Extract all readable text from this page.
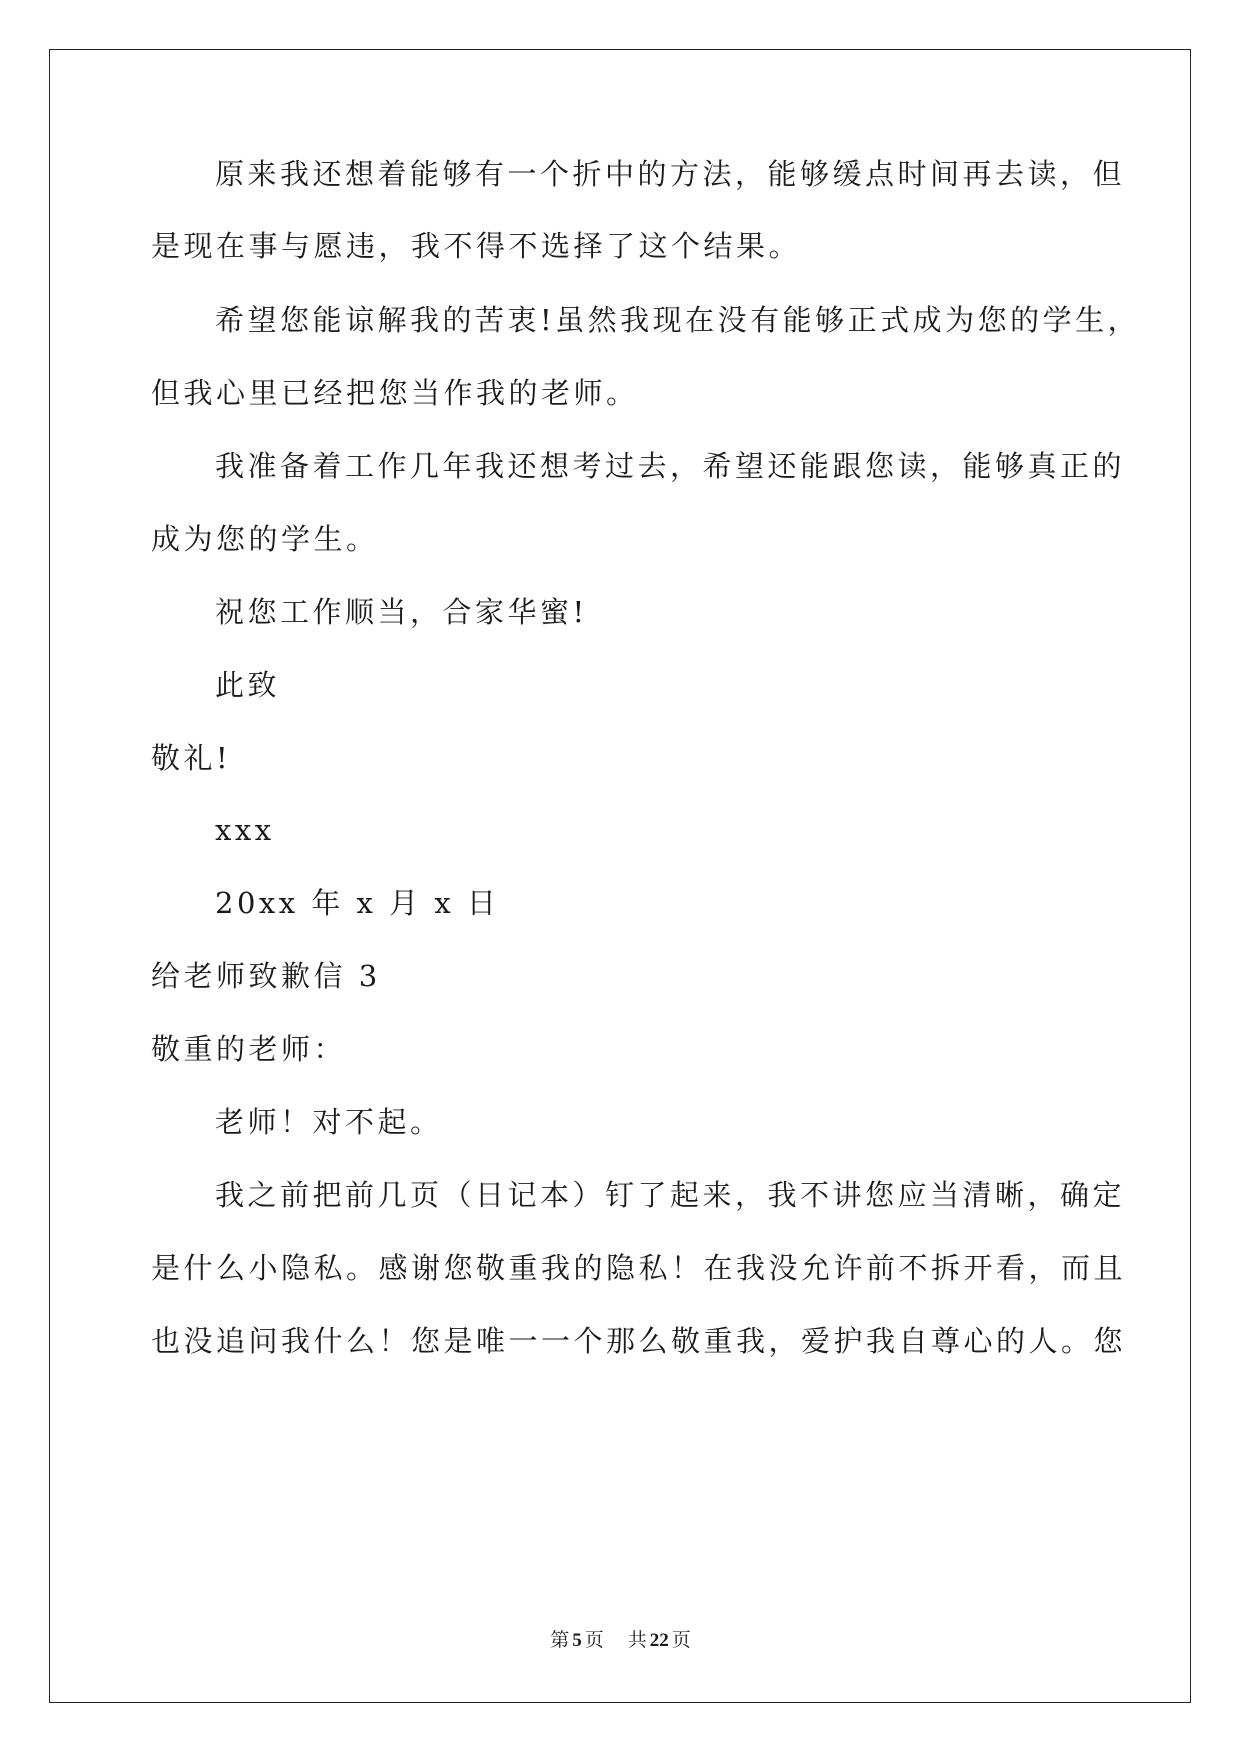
原来我还想着能够有一个折中的方法，能够缓点时间再去读，但
是现在事与愿违，我不得不选择了这个结果。
希望您能谅解我的苦衷!虽然我现在没有能够正式成为您的学生，
但我心里已经把您当作我的老师。
我准备着工作几年我还想考过去，希望还能跟您读，能够真正的
成为您的学生。
祝您工作顺当，合家华蜜!
此致
敬礼!
xxx
20xx 年 x 月 x 日
给老师致歉信 3
敬重的老师：
老师！对不起。
我之前把前几页（日记本）钉了起来，我不讲您应当清晰，确定
是什么小隐私。感谢您敬重我的隐私！在我没允许前不拆开看，而且
也没追问我什么！您是唯一一个那么敬重我，爱护我自尊心的人。您
第 5 页 共 22 页
